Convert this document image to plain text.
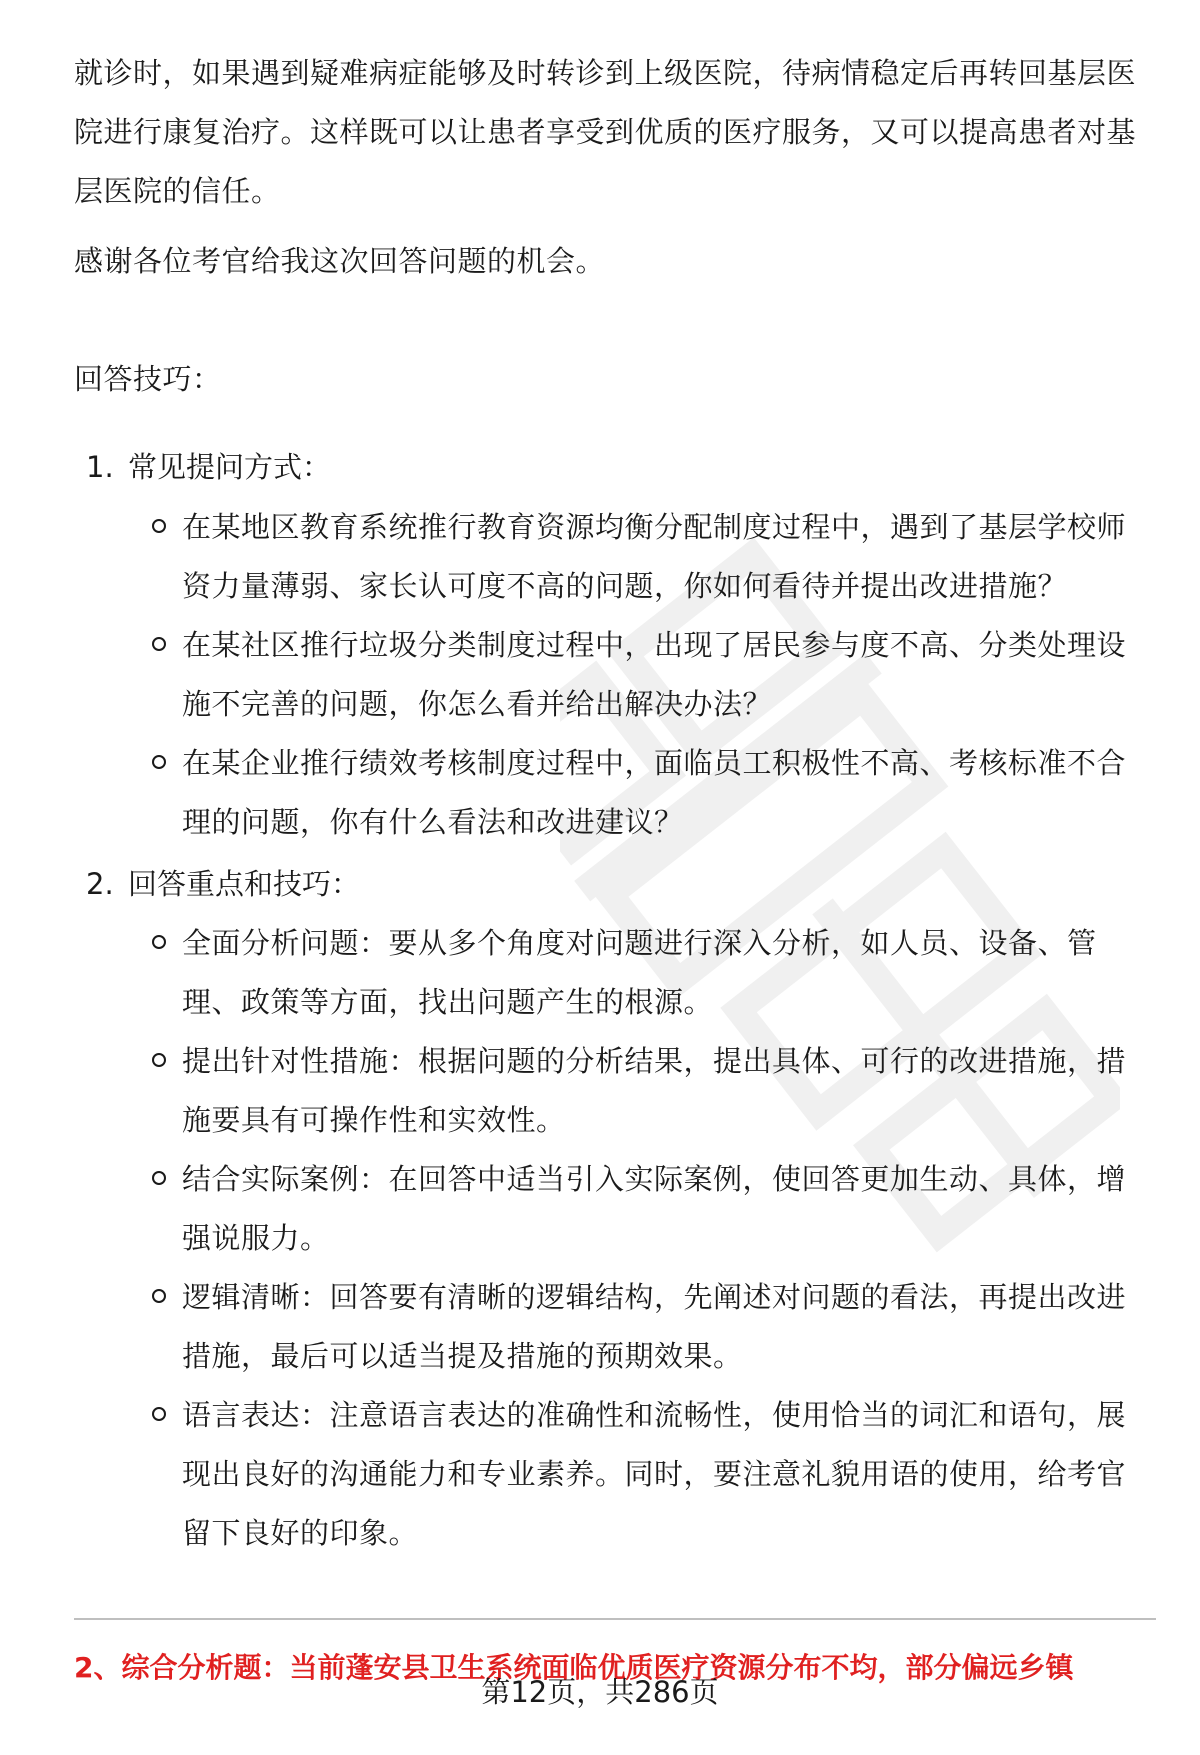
就诊时，如果遇到疑难病症能够及时转诊到上级医院，待病情稳定后再转回基层医
院进行康复治疗。这样既可以让患者享受到优质的医疗服务，又可以提高患者对基
层医院的信任。

感谢各位考官给我这次回答问题的机会。

回答技巧：

1. 常见提问方式：
在某地区教育系统推行教育资源均衡分配制度过程中，遇到了基层学校师
资力量薄弱、家长认可度不高的问题，你如何看待并提出改进措施？
在某社区推行垃圾分类制度过程中，出现了居民参与度不高、分类处理设
施不完善的问题，你怎么看并给出解决办法？
在某企业推行绩效考核制度过程中，面临员工积极性不高、考核标准不合
理的问题，你有什么看法和改进建议？
2. 回答重点和技巧：
全面分析问题：要从多个角度对问题进行深入分析，如人员、设备、管
理、政策等方面，找出问题产生的根源。
提出针对性措施：根据问题的分析结果，提出具体、可行的改进措施，措
施要具有可操作性和实效性。
结合实际案例：在回答中适当引入实际案例，使回答更加生动、具体，增
强说服力。
逻辑清晰：回答要有清晰的逻辑结构，先阐述对问题的看法，再提出改进
措施，最后可以适当提及措施的预期效果。
语言表达：注意语言表达的准确性和流畅性，使用恰当的词汇和语句，展
现出良好的沟通能力和专业素养。同时，要注意礼貌用语的使用，给考官
留下良好的印象。
2、综合分析题：当前蓬安县卫生系统面临优质医疗资源分布不均，部分偏远乡镇
第12页，共286页
